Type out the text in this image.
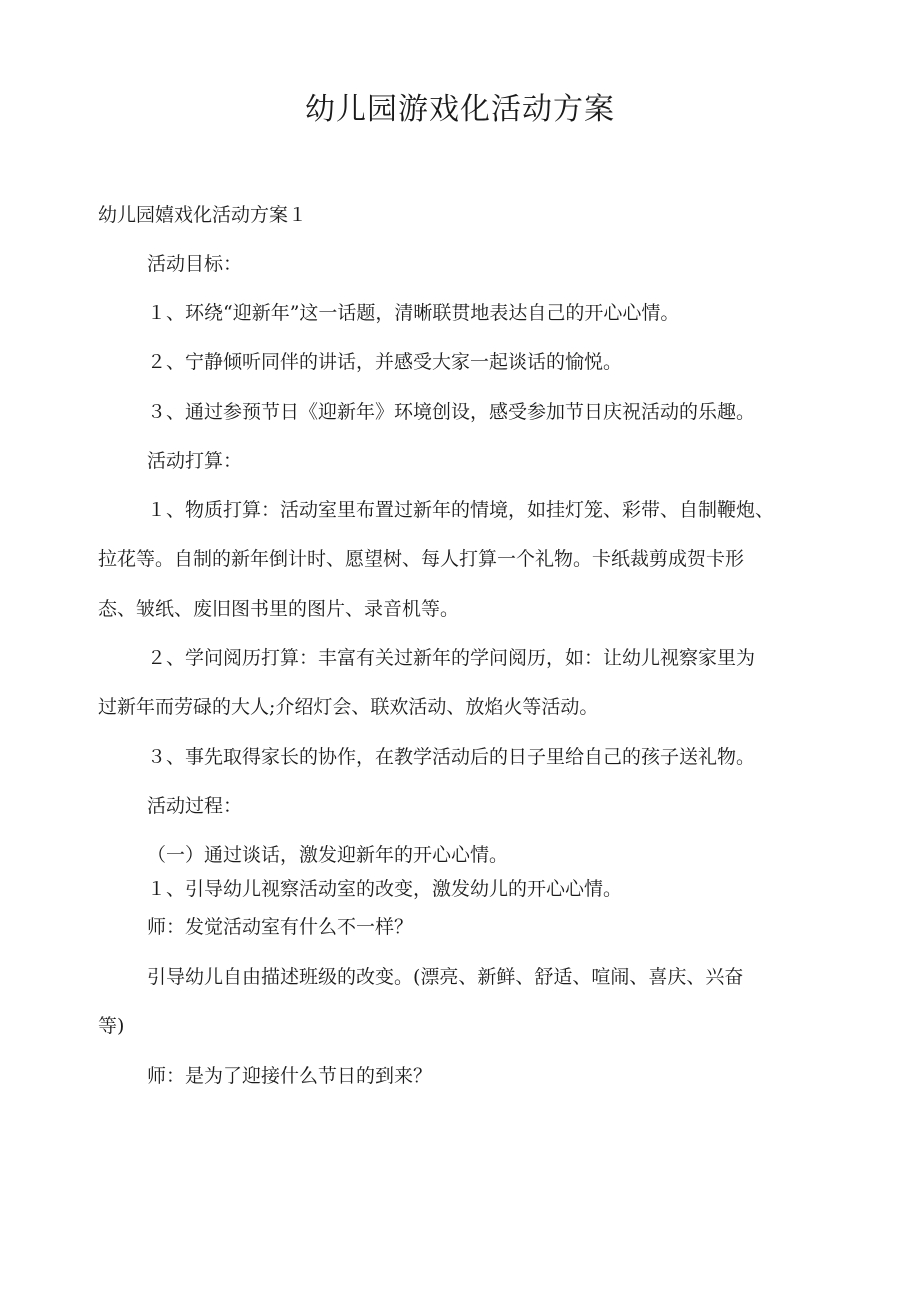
幼儿园游戏化活动方案
幼儿园嬉戏化活动方案１
活动目标：
１、环绕“迎新年”这一话题，清晰联贯地表达自己的开心心情。
２、宁静倾听同伴的讲话，并感受大家一起谈话的愉悦。
３、通过参预节日《迎新年》环境创设，感受参加节日庆祝活动的乐趣。
活动打算：
１、物质打算：活动室里布置过新年的情境，如挂灯笼、彩带、自制鞭炮、
拉花等。自制的新年倒计时、愿望树、每人打算一个礼物。卡纸裁剪成贺卡形
态、皱纸、废旧图书里的图片、录音机等。
２、学问阅历打算：丰富有关过新年的学问阅历，如：让幼儿视察家里为
过新年而劳碌的大人;介绍灯会、联欢活动、放焰火等活动。
３、事先取得家长的协作，在教学活动后的日子里给自己的孩子送礼物。
活动过程：
（一）通过谈话，激发迎新年的开心心情。
１、引导幼儿视察活动室的改变，激发幼儿的开心心情。
师：发觉活动室有什么不一样？
引导幼儿自由描述班级的改变。(漂亮、新鲜、舒适、喧闹、喜庆、兴奋
等)
师：是为了迎接什么节日的到来？
